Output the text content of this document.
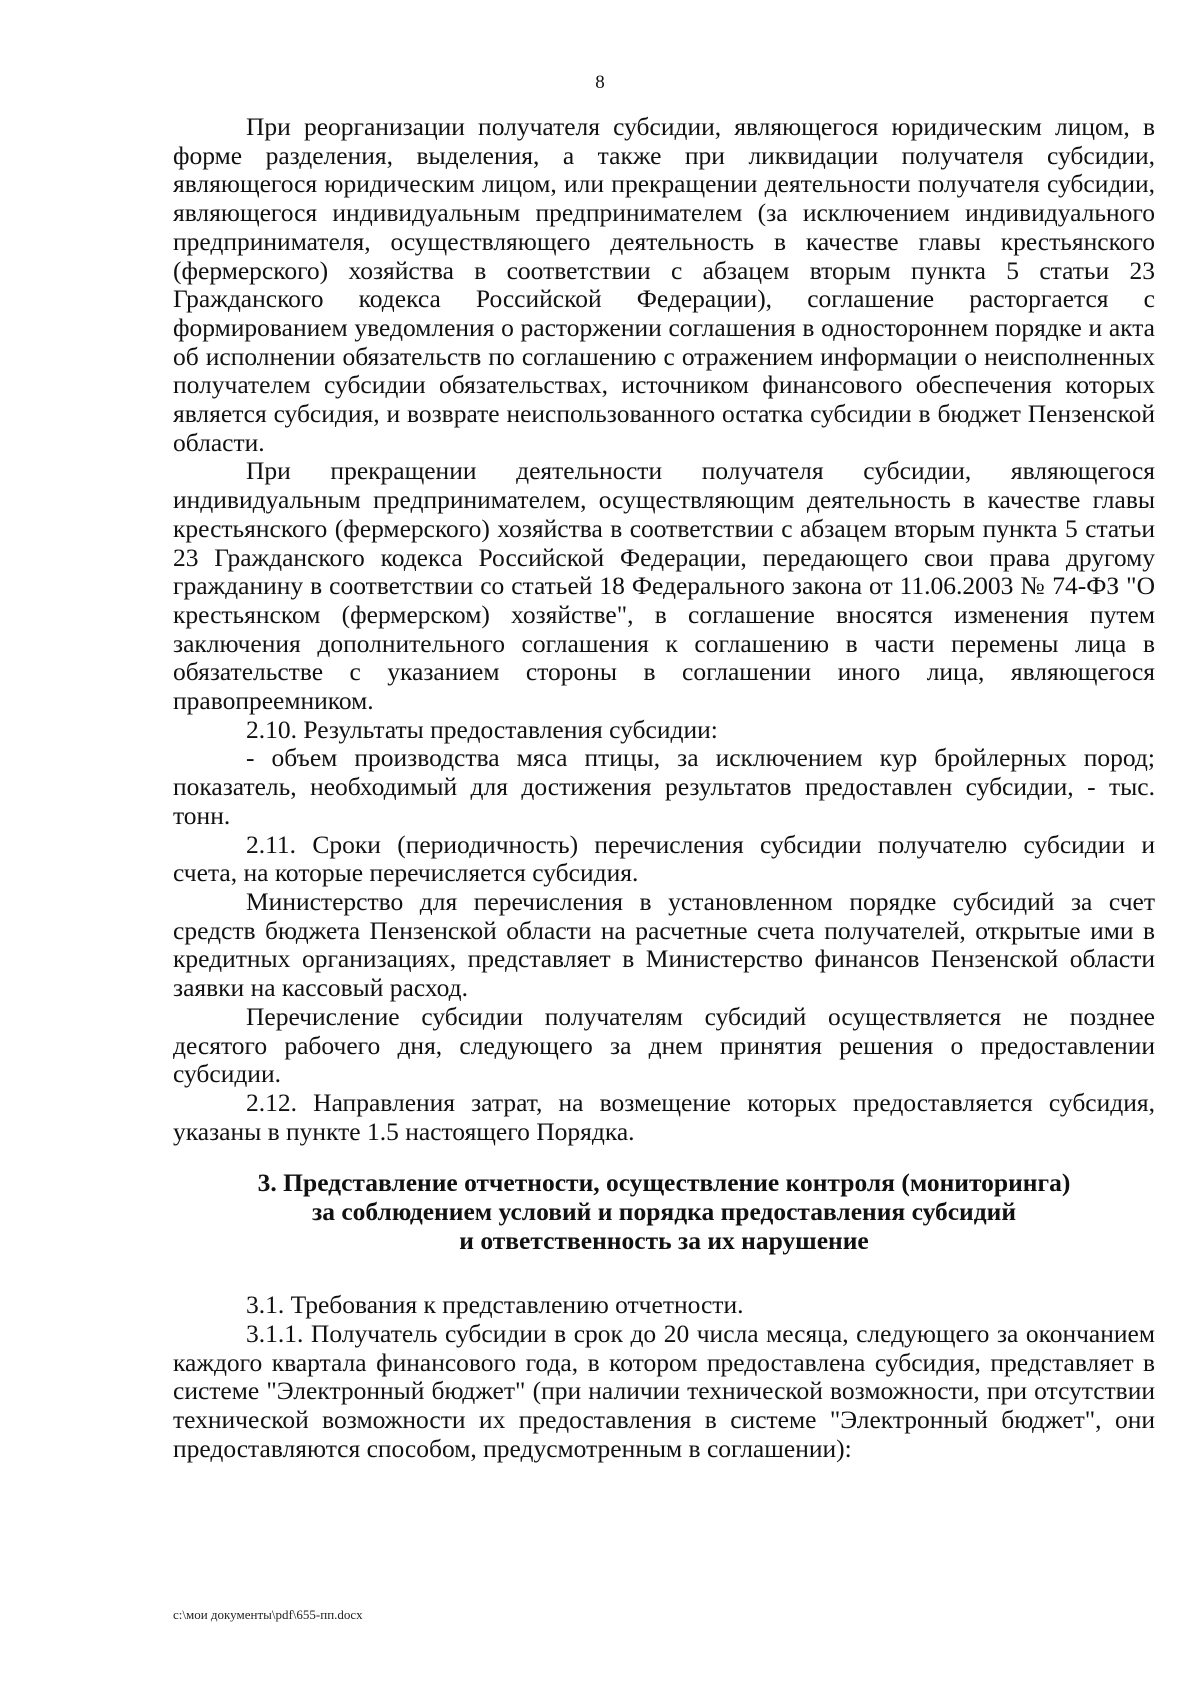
8

При реорганизации получателя субсидии, являющегося юридическим лицом, в форме разделения, выделения, а также при ликвидации получателя субсидии, являющегося юридическим лицом, или прекращении деятельности получателя субсидии, являющегося индивидуальным предпринимателем (за исключением индивидуального предпринимателя, осуществляющего деятельность в качестве главы крестьянского (фермерского) хозяйства в соответствии с абзацем вторым пункта 5 статьи 23 Гражданского кодекса Российской Федерации), соглашение расторгается с формированием уведомления о расторжении соглашения в одностороннем порядке и акта об исполнении обязательств по соглашению с отражением информации о неисполненных получателем субсидии обязательствах, источником финансового обеспечения которых является субсидия, и возврате неиспользованного остатка субсидии в бюджет Пензенской области.

При прекращении деятельности получателя субсидии, являющегося индивидуальным предпринимателем, осуществляющим деятельность в качестве главы крестьянского (фермерского) хозяйства в соответствии с абзацем вторым пункта 5 статьи 23 Гражданского кодекса Российской Федерации, передающего свои права другому гражданину в соответствии со статьей 18 Федерального закона от 11.06.2003 № 74-ФЗ "О крестьянском (фермерском) хозяйстве", в соглашение вносятся изменения путем заключения дополнительного соглашения к соглашению в части перемены лица в обязательстве с указанием стороны в соглашении иного лица, являющегося правопреемником.

2.10. Результаты предоставления субсидии:

- объем производства мяса птицы, за исключением кур бройлерных пород; показатель, необходимый для достижения результатов предоставлен субсидии, - тыс. тонн.

2.11. Сроки (периодичность) перечисления субсидии получателю субсидии и счета, на которые перечисляется субсидия.

Министерство для перечисления в установленном порядке субсидий за счет средств бюджета Пензенской области на расчетные счета получателей, открытые ими в кредитных организациях, представляет в Министерство финансов Пензенской области заявки на кассовый расход.

Перечисление субсидии получателям субсидий осуществляется не позднее десятого рабочего дня, следующего за днем принятия решения о предоставлении субсидии.

2.12. Направления затрат, на возмещение которых предоставляется субсидия, указаны в пункте 1.5 настоящего Порядка.

3. Представление отчетности, осуществление контроля (мониторинга)
за соблюдением условий и порядка предоставления субсидий
и ответственность за их нарушение

3.1. Требования к представлению отчетности.

3.1.1. Получатель субсидии в срок до 20 числа месяца, следующего за окончанием каждого квартала финансового года, в котором предоставлена субсидия, представляет в системе "Электронный бюджет" (при наличии технической возможности, при отсутствии технической возможности их предоставления в системе "Электронный бюджет", они предоставляются способом, предусмотренным в соглашении):

c:\мои документы\pdf\655-пп.docx
